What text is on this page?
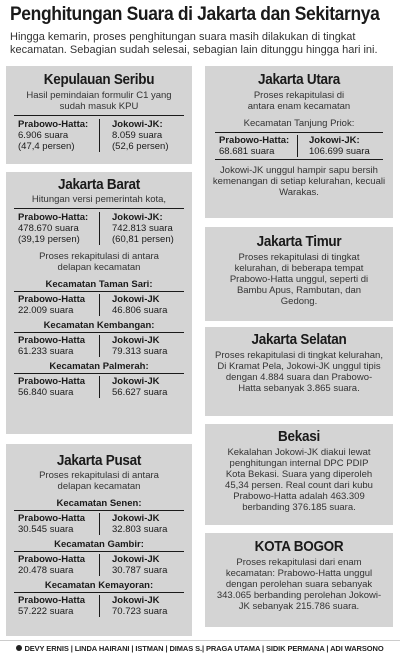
Penghitungan Suara di Jakarta dan Sekitarnya
Hingga kemarin, proses penghitungan suara masih dilakukan di tingkat kecamatan. Sebagian sudah selesai, sebagian lain ditunggu hingga hari ini.
Kepulauan Seribu
Hasil pemindaian formulir C1 yang sudah masuk KPU
Prabowo-Hatta:
6.906 suara
(47,4 persen)
Jokowi-JK:
8.059 suara
(52,6 persen)
Jakarta Barat
Hitungan versi pemerintah kota,
Prabowo-Hatta:
478.670 suara
(39,19 persen)
Jokowi-JK:
742.813 suara
(60,81 persen)
Proses rekapitulasi di antara delapan kecamatan
Kecamatan Taman Sari:
Prabowo-Hatta
22.009 suara
Jokowi-JK
46.806 suara
Kecamatan Kembangan:
Prabowo-Hatta
61.233 suara
Jokowi-JK
79.313 suara
Kecamatan Palmerah:
Prabowo-Hatta
56.840 suara
Jokowi-JK
56.627 suara
Jakarta Pusat
Proses rekapitulasi di antara delapan kecamatan
Kecamatan Senen:
Prabowo-Hatta
30.545 suara
Jokowi-JK
32.803 suara
Kecamatan Gambir:
Prabowo-Hatta
20.478 suara
Jokowi-JK
30.787 suara
Kecamatan Kemayoran:
Prabowo-Hatta
57.222 suara
Jokowi-JK
70.723 suara
Jakarta Utara
Proses rekapitulasi di antara enam kecamatan
Kecamatan Tanjung Priok:
Prabowo-Hatta:
68.681 suara
Jokowi-JK:
106.699 suara
Jokowi-JK unggul hampir sapu bersih kemenangan di setiap kelurahan, kecuali Warakas.
Jakarta Timur
Proses rekapitulasi di tingkat kelurahan, di beberapa tempat Prabowo-Hatta unggul, seperti di Bambu Apus, Rambutan, dan Gedong.
Jakarta Selatan
Proses rekapitulasi di tingkat kelurahan, Di Kramat Pela, Jokowi-JK unggul tipis dengan 4.884 suara dan Prabowo-Hatta sebanyak 3.865 suara.
Bekasi
Kekalahan Jokowi-JK diakui lewat penghitungan internal DPC PDIP Kota Bekasi. Suara yang diperoleh 45,34 persen. Real count dari kubu Prabowo-Hatta adalah 463.309 berbanding 376.185 suara.
KOTA BOGOR
Proses rekapitulasi dari enam kecamatan: Prabowo-Hatta unggul dengan perolehan suara sebanyak 343.065 berbanding perolehan Jokowi-JK sebanyak 215.786 suara.
DEVY ERNIS | LINDA HAIRANI | ISTMAN | DIMAS S.| PRAGA UTAMA | SIDIK PERMANA | ADI WARSONO
